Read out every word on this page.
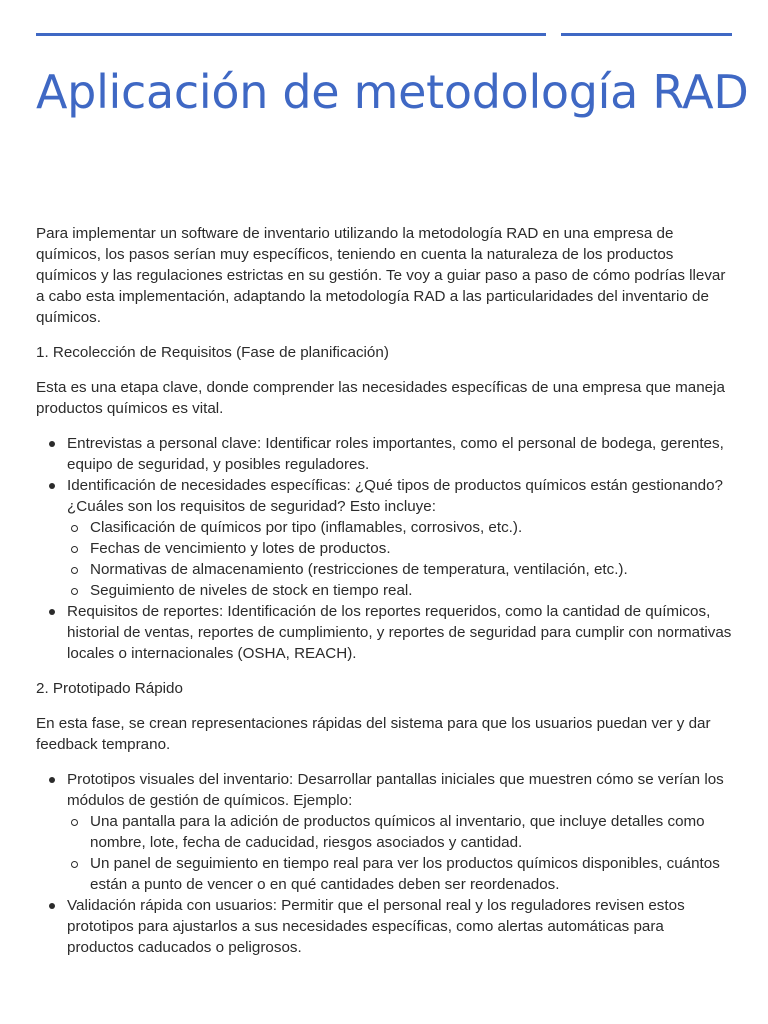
Aplicación de metodología RAD

Para implementar un software de inventario utilizando la metodología RAD en una empresa de químicos, los pasos serían muy específicos, teniendo en cuenta la naturaleza de los productos químicos y las regulaciones estrictas en su gestión. Te voy a guiar paso a paso de cómo podrías llevar a cabo esta implementación, adaptando la metodología RAD a las particularidades del inventario de químicos.

1. Recolección de Requisitos (Fase de planificación)

Esta es una etapa clave, donde comprender las necesidades específicas de una empresa que maneja productos químicos es vital.

Entrevistas a personal clave: Identificar roles importantes, como el personal de bodega, gerentes, equipo de seguridad, y posibles reguladores.
Identificación de necesidades específicas: ¿Qué tipos de productos químicos están gestionando? ¿Cuáles son los requisitos de seguridad? Esto incluye:
Clasificación de químicos por tipo (inflamables, corrosivos, etc.).
Fechas de vencimiento y lotes de productos.
Normativas de almacenamiento (restricciones de temperatura, ventilación, etc.).
Seguimiento de niveles de stock en tiempo real.
Requisitos de reportes: Identificación de los reportes requeridos, como la cantidad de químicos, historial de ventas, reportes de cumplimiento, y reportes de seguridad para cumplir con normativas locales o internacionales (OSHA, REACH).

2. Prototipado Rápido

En esta fase, se crean representaciones rápidas del sistema para que los usuarios puedan ver y dar feedback temprano.

Prototipos visuales del inventario: Desarrollar pantallas iniciales que muestren cómo se verían los módulos de gestión de químicos. Ejemplo:
Una pantalla para la adición de productos químicos al inventario, que incluye detalles como nombre, lote, fecha de caducidad, riesgos asociados y cantidad.
Un panel de seguimiento en tiempo real para ver los productos químicos disponibles, cuántos están a punto de vencer o en qué cantidades deben ser reordenados.
Validación rápida con usuarios: Permitir que el personal real y los reguladores revisen estos prototipos para ajustarlos a sus necesidades específicas, como alertas automáticas para productos caducados o peligrosos.
